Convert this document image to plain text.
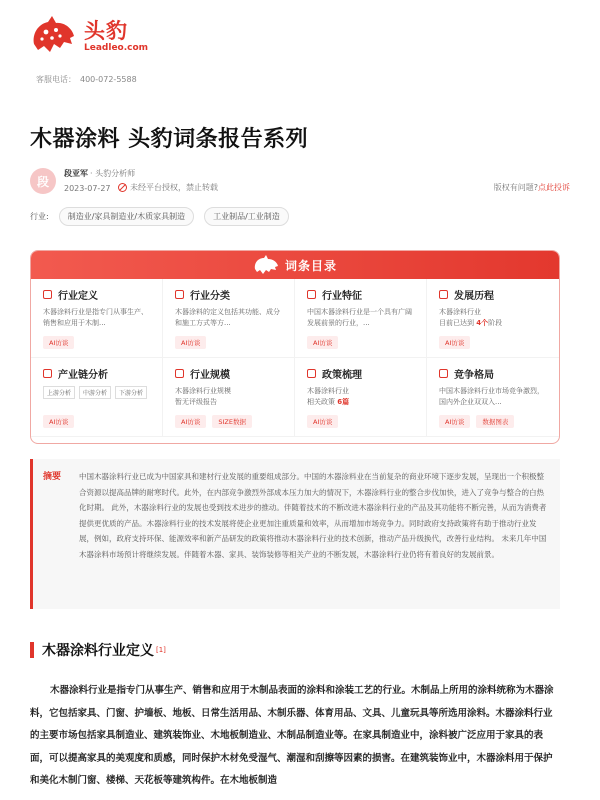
头豹
Leadleo.com
客服电话： 400-072-5588
木器涂料 头豹词条报告系列
段
段亚军 · 头豹分析师
2023-07-27 未经平台授权，禁止转载	版权有问题?点此投诉
行业:	制造业/家具制造业/木质家具制造	工业制品/工业制造
词条目录
行业定义
木器涂料行业是指专门从事生产、销售和应用于木制...
AI访谈
行业分类
木器涂料的定义包括其功能、成分和施工方式等方...
AI访谈
行业特征
中国木器涂料行业是一个具有广阔发展前景的行业，...
AI访谈
发展历程
木器涂料行业
目前已达到 4个阶段
AI访谈
产业链分析
上游分析	中游分析	下游分析
AI访谈
行业规模
木器涂料行业规模
暂无评级报告
AI访谈	SIZE数据
政策梳理
木器涂料行业
相关政策 6篇
AI访谈
竞争格局
中国木器涂料行业市场竞争激烈，国内外企业双双入...
AI访谈	数据图表
摘要	中国木器涂料行业已成为中国家具和建材行业发展的重要组成部分。中国的木器涂料业在当前复杂的商业环境下逐步发展，呈现出一个积极整合资源以提高品牌的耐寒时代。此外，在内部竞争激烈外部成本压力加大的情况下，木器涂料行业的整合步伐加快，进入了竞争与整合的白热化时期。 此外，木器涂料行业的发展也受到技术进步的推动。伴随着技术的不断改进木器涂料行业的产品及其功能将不断完善，从而为消费者提供更优质的产品。木器涂料行业的技术发展将使企业更加注重质量和效率，从而增加市场竞争力。同时政府支持政策将有助于推动行业发展，例如，政府支持环保、能源效率和新产品研发的政策将推动木器涂料行业的技术创新，推动产品升级换代，改善行业结构。 未来几年中国木器涂料市场预计将继续发展。伴随着木器、家具、装饰装修等相关产业的不断发展，木器涂料行业仍将有着良好的发展前景。
木器涂料行业定义 [1]
木器涂料行业是指专门从事生产、销售和应用于木制品表面的涂料和涂装工艺的行业。木制品上所用的涂料统称为木器涂料，它包括家具、门窗、护墙板、地板、日常生活用品、木制乐器、体育用品、文具、儿童玩具等所选用涂料。木器涂料行业的主要市场包括家具制造业、建筑装饰业、木地板制造业、木制品制造业等。在家具制造业中，涂料被广泛应用于家具的表面，可以提高家具的美观度和质感，同时保护木材免受湿气、潮湿和刮擦等因素的损害。在建筑装饰业中，木器涂料用于保护和美化木制门窗、楼梯、天花板等建筑构件。在木地板制造
